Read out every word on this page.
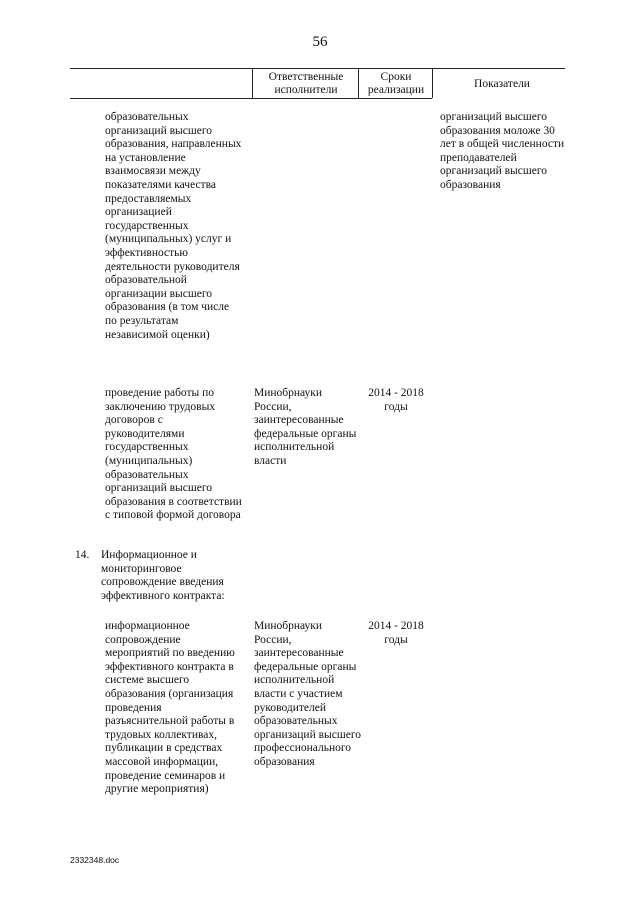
56
Ответственные исполнители
Сроки реализации	Показатели
образовательных организаций высшего образования, направленных на установление взаимосвязи между показателями качества предоставляемых организацией государственных (муниципальных) услуг и эффективностью деятельности руководителя образовательной организации высшего образования (в том числе по результатам независимой оценки)
организаций высшего образования моложе 30 лет в общей численности преподавателей организаций высшего образования
проведение работы по заключению трудовых договоров с руководителями государственных (муниципальных) образовательных организаций высшего образования в соответствии с типовой формой договора
Минобрнауки России, заинтересованные федеральные органы исполнительной власти
2014 - 2018 годы
14. Информационное и мониторинговое сопровождение введения эффективного контракта:
информационное сопровождение мероприятий по введению эффективного контракта в системе высшего образования (организация проведения разъяснительной работы в трудовых коллективах, публикации в средствах массовой информации, проведение семинаров и другие мероприятия)
Минобрнауки России, заинтересованные федеральные органы исполнительной власти с участием руководителей образовательных организаций высшего профессионального образования
2014 - 2018 годы
2332348.doc
